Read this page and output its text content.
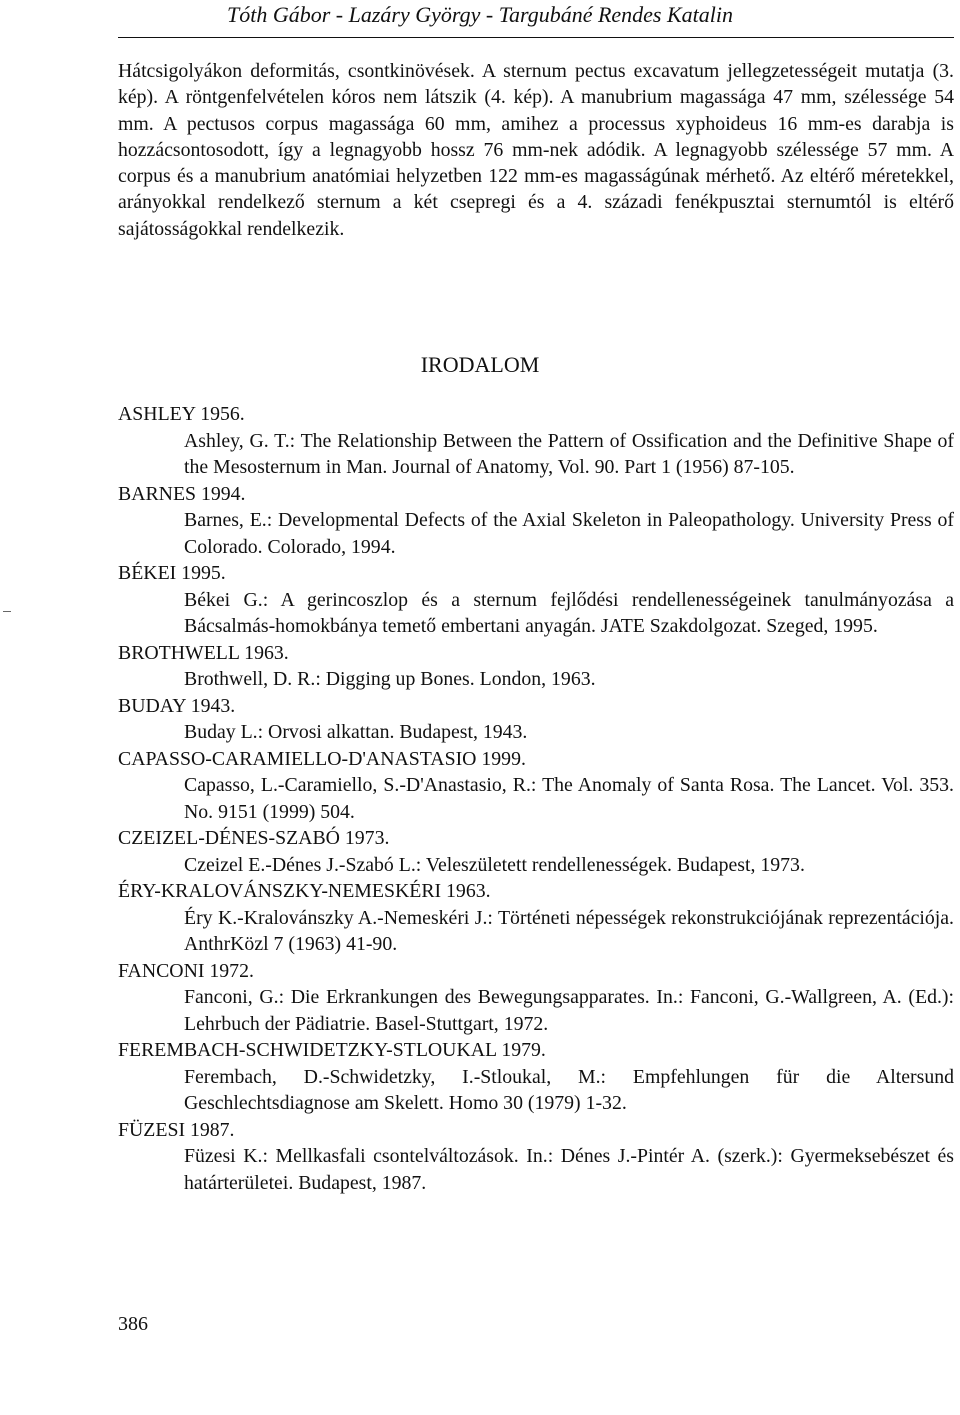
Tóth Gábor - Lazáry György - Targubáné Rendes Katalin

Hátcsigolyákon deformitás, csontkinövések. A sternum pectus excavatum jellegzetességeit mutatja (3. kép). A röntgenfelvételen kóros nem látszik (4. kép). A manubrium magassága 47 mm, szélessége 54 mm. A pectusos corpus magassága 60 mm, amihez a processus xyphoideus 16 mm-es darabja is hozzácsontosodott, így a legnagyobb hossz 76 mm-nek adódik. A legnagyobb szélessége 57 mm. A corpus és a manubrium anatómiai helyzetben 122 mm-es magasságúnak mérhető. Az eltérő méretekkel, arányokkal rendelkező sternum a két csepregi és a 4. századi fenékpusztai sternumtól is eltérő sajátosságokkal rendelkezik.

IRODALOM
ASHLEY 1956.
Ashley, G. T.: The Relationship Between the Pattern of Ossification and the Definitive Shape of the Mesosternum in Man. Journal of Anatomy, Vol. 90. Part 1 (1956) 87-105.
BARNES 1994.
Barnes, E.: Developmental Defects of the Axial Skeleton in Paleopathology. University Press of Colorado. Colorado, 1994.
BÉKEI 1995.
Békei G.: A gerincoszlop és a sternum fejlődési rendellenességeinek tanulmányozása a Bácsalmás-homokbánya temető embertani anyagán. JATE Szakdolgozat. Szeged, 1995.
BROTHWELL 1963.
Brothwell, D. R.: Digging up Bones. London, 1963.
BUDAY 1943.
Buday L.: Orvosi alkattan. Budapest, 1943.
CAPASSO-CARAMIELLO-D'ANASTASIO 1999.
Capasso, L.-Caramiello, S.-D'Anastasio, R.: The Anomaly of Santa Rosa. The Lancet. Vol. 353. No. 9151 (1999) 504.
CZEIZEL-DÉNES-SZABÓ 1973.
Czeizel E.-Dénes J.-Szabó L.: Veleszületett rendellenességek. Budapest, 1973.
ÉRY-KRALOVÁNSZKY-NEMESKÉRI 1963.
Éry K.-Kralovánszky A.-Nemeskéri J.: Történeti népességek rekonstrukciójának reprezentációja. AnthrKözl 7 (1963) 41-90.
FANCONI 1972.
Fanconi, G.: Die Erkrankungen des Bewegungsapparates. In.: Fanconi, G.-Wallgreen, A. (Ed.): Lehrbuch der Pädiatrie. Basel-Stuttgart, 1972.
FEREMBACH-SCHWIDETZKY-STLOUKAL 1979.
Ferembach, D.-Schwidetzky, I.-Stloukal, M.: Empfehlungen für die Altersund Geschlechtsdiagnose am Skelett. Homo 30 (1979) 1-32.
FÜZESI 1987.
Füzesi K.: Mellkasfali csontelváltozások. In.: Dénes J.-Pintér A. (szerk.): Gyermeksebészet és határterületei. Budapest, 1987.
386
